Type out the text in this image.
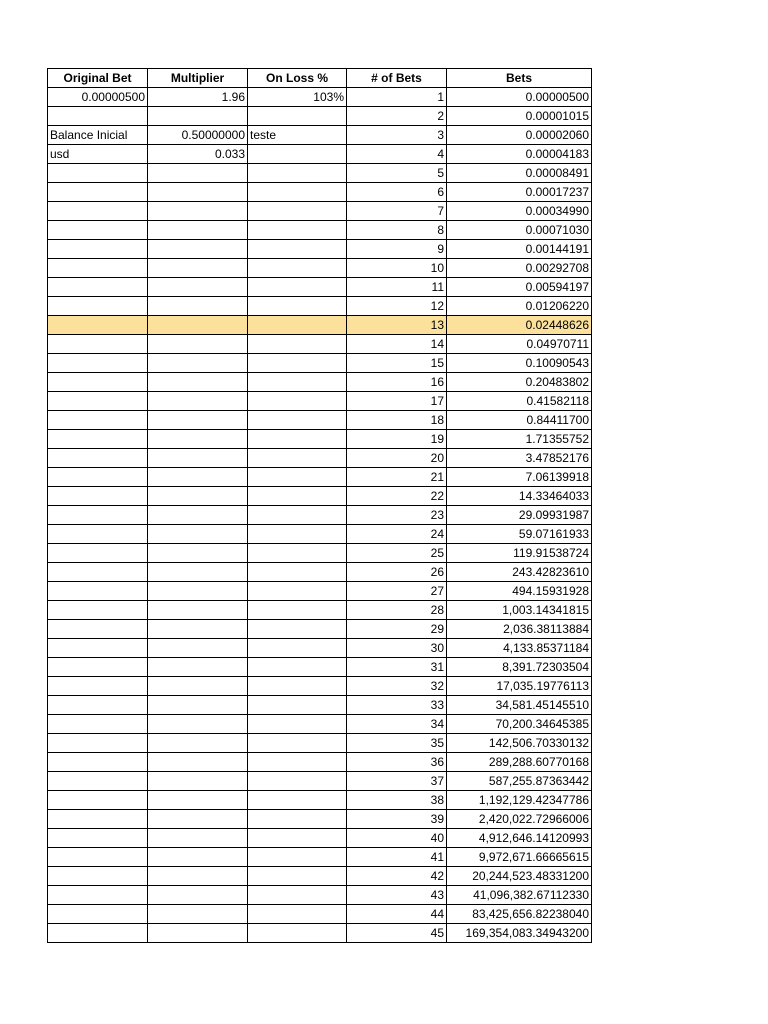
Original Bet	Multiplier	On Loss %	# of Bets	Bets
0.00000500	1.96	103%	1	0.00000500
			2	0.00001015
Balance Inicial	0.50000000	teste	3	0.00002060
usd	0.033		4	0.00004183
			5	0.00008491
			6	0.00017237
			7	0.00034990
			8	0.00071030
			9	0.00144191
			10	0.00292708
			11	0.00594197
			12	0.01206220
			13	0.02448626
			14	0.04970711
			15	0.10090543
			16	0.20483802
			17	0.41582118
			18	0.84411700
			19	1.71355752
			20	3.47852176
			21	7.06139918
			22	14.33464033
			23	29.09931987
			24	59.07161933
			25	119.91538724
			26	243.42823610
			27	494.15931928
			28	1,003.14341815
			29	2,036.38113884
			30	4,133.85371184
			31	8,391.72303504
			32	17,035.19776113
			33	34,581.45145510
			34	70,200.34645385
			35	142,506.70330132
			36	289,288.60770168
			37	587,255.87363442
			38	1,192,129.42347786
			39	2,420,022.72966006
			40	4,912,646.14120993
			41	9,972,671.66665615
			42	20,244,523.48331200
			43	41,096,382.67112330
			44	83,425,656.82238040
			45	169,354,083.34943200
